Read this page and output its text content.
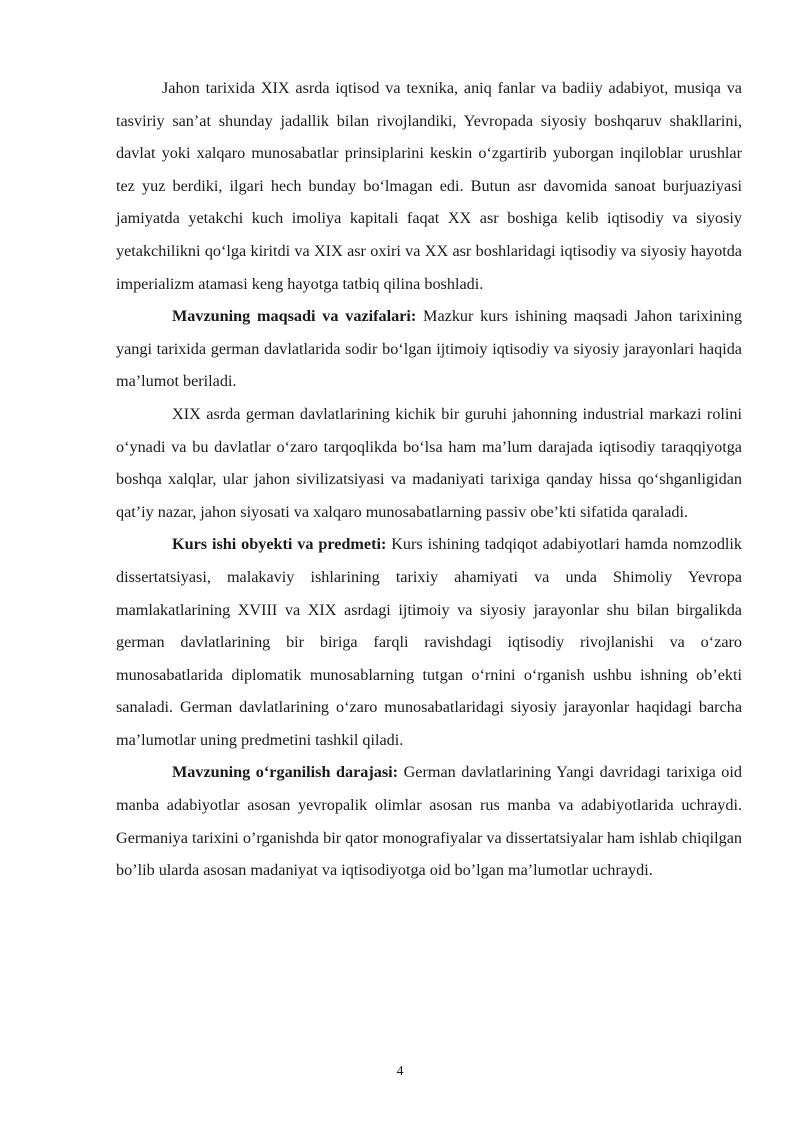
Jahon tarixida XIX asrda iqtisod va texnika, aniq fanlar va badiiy adabiyot, musiqa va tasviriy san’at shunday jadallik bilan rivojlandiki, Yevropada siyosiy boshqaruv shakllarini, davlat yoki xalqaro munosabatlar prinsiplarini keskin o‘zgartirib yuborgan inqiloblar urushlar tez yuz berdiki, ilgari hech bunday bo‘lmagan edi. Butun asr davomida sanoat burjuaziyasi jamiyatda yetakchi kuch imoliya kapitali faqat XX asr boshiga kelib iqtisodiy va siyosiy yetakchilikni qo‘lga kiritdi va XIX asr oxiri va XX asr boshlaridagi iqtisodiy va siyosiy hayotda imperializm atamasi keng hayotga tatbiq qilina boshladi.

Mavzuning maqsadi va vazifalari: Mazkur kurs ishining maqsadi Jahon tarixining yangi tarixida german davlatlarida sodir boʻlgan ijtimoiy iqtisodiy va siyosiy jarayonlari haqida ma’lumot beriladi.

XIX asrda german davlatlarining kichik bir guruhi jahonning industrial markazi rolini oʻynadi va bu davlatlar oʻzaro tarqoqlikda boʻlsa ham ma’lum darajada iqtisodiy taraqqiyotga boshqa xalqlar, ular jahon sivilizatsiyasi va madaniyati tarixiga qanday hissa qoʻshganligidan qat’iy nazar, jahon siyosati va xalqaro munosabatlarning passiv obe’kti sifatida qaraladi.

Kurs ishi obyekti va predmeti: Kurs ishining tadqiqot adabiyotlari hamda nomzodlik dissertatsiyasi, malakaviy ishlarining tarixiy ahamiyati va unda Shimoliy Yevropa mamlakatlarining XVIII va XIX asrdagi ijtimoiy va siyosiy jarayonlar shu bilan birgalikda german davlatlarining bir biriga farqli ravishdagi iqtisodiy rivojlanishi va oʻzaro munosabatlarida diplomatik munosablarning tutgan o‘rnini o‘rganish ushbu ishning ob’ekti sanaladi. German davlatlarining oʻzaro munosabatlaridagi siyosiy jarayonlar haqidagi barcha ma’lumotlar uning predmetini tashkil qiladi.

Mavzuning o‘rganilish darajasi: German davlatlarining Yangi davridagi tarixiga oid manba adabiyotlar asosan yevropalik olimlar asosan rus manba va adabiyotlarida uchraydi. Germaniya tarixini o’rganishda bir qator monografiyalar va dissertatsiyalar ham ishlab chiqilgan bo’lib ularda asosan madaniyat va iqtisodiyotga oid bo’lgan ma’lumotlar uchraydi.

4
